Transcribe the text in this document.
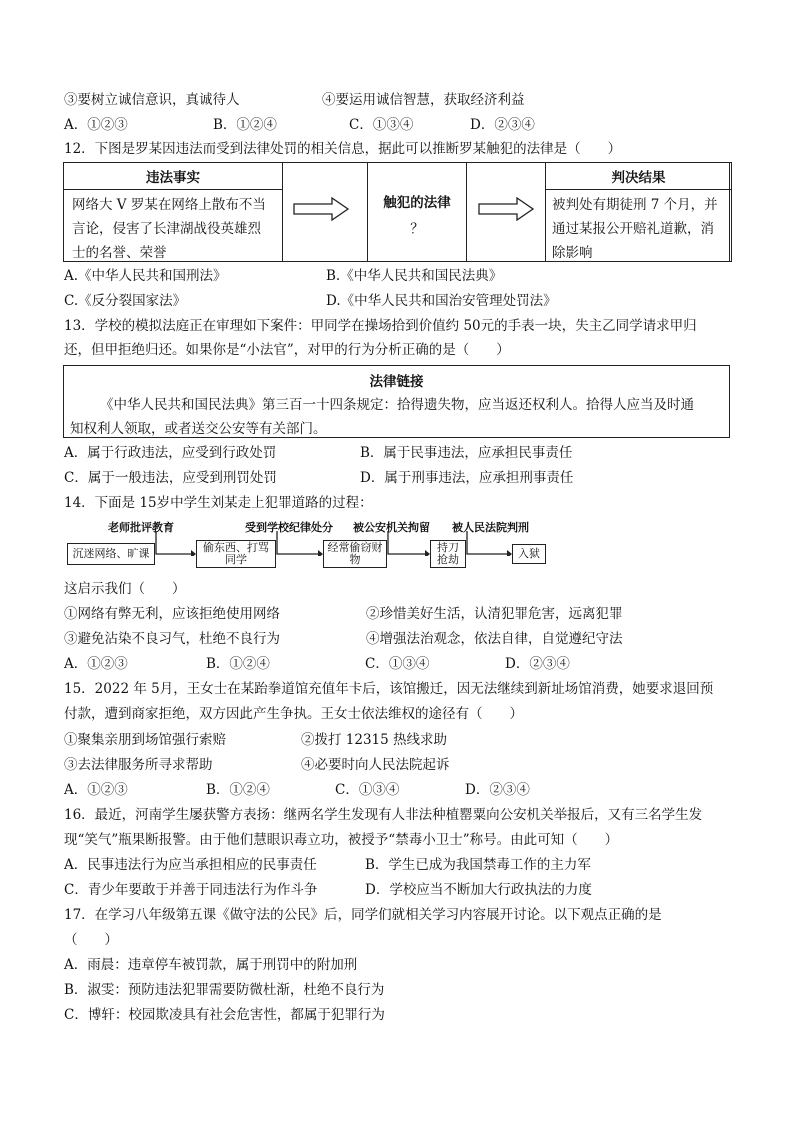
③要树立诚信意识，真诚待人	④要运用诚信智慧，获取经济利益
A．①②③	B．①②④	C．①③④	D．②③④
12．下图是罗某因违法而受到法律处罚的相关信息，据此可以推断罗某触犯的法律是（　　）
违法事实
网络大 V 罗某在网络上散布不当
言论，侵害了长津湖战役英雄烈
士的名誉、荣誉
触犯的法律
？
判决结果
被判处有期徒刑 7 个月，并
通过某报公开赔礼道歉，消
除影响
A.《中华人民共和国刑法》	B.《中华人民共和国民法典》
C.《反分裂国家法》	D.《中华人民共和国治安管理处罚法》
13．学校的模拟法庭正在审理如下案件：甲同学在操场拾到价值约 50元的手表一块，失主乙同学请求甲归
还，但甲拒绝归还。如果你是“小法官”，对甲的行为分析正确的是（　　）
法律链接
《中华人民共和国民法典》第三百一十四条规定：拾得遗失物，应当返还权利人。拾得人应当及时通
知权利人领取，或者送交公安等有关部门。
A．属于行政违法，应受到行政处罚	B．属于民事违法，应承担民事责任
C．属于一般违法，应受到刑罚处罚	D．属于刑事违法，应承担刑事责任
14．下面是 15岁中学生刘某走上犯罪道路的过程：
老师批评教育	受到学校纪律处分 被公安机关拘留 被人民法院判刑
沉迷网络、旷课	偷东西、打骂同学
经常偷窃财物
持刀抢劫	入狱
这启示我们（　　）
①网络有弊无利，应该拒绝使用网络	②珍惜美好生活，认清犯罪危害，远离犯罪
③避免沾染不良习气，杜绝不良行为	④增强法治观念，依法自律，自觉遵纪守法
A．①②③	B．①②④	C．①③④	D．②③④
15．2022 年 5月，王女士在某跆拳道馆充值年卡后，该馆搬迁，因无法继续到新址场馆消费，她要求退回预
付款，遭到商家拒绝，双方因此产生争执。王女士依法维权的途径有（　　）
①聚集亲朋到场馆强行索赔	②拨打 12315 热线求助
③去法律服务所寻求帮助	④必要时向人民法院起诉
A．①②③	B．①②④	C．①③④	D．②③④
16．最近，河南学生屡获警方表扬：继两名学生发现有人非法种植罂粟向公安机关举报后，又有三名学生发
现“笑气”瓶果断报警。由于他们慧眼识毒立功，被授予“禁毒小卫士”称号。由此可知（　　）
A．民事违法行为应当承担相应的民事责任	B．学生已成为我国禁毒工作的主力军
C．青少年要敢于并善于同违法行为作斗争	D．学校应当不断加大行政执法的力度
17．在学习八年级第五课《做守法的公民》后，同学们就相关学习内容展开讨论。以下观点正确的是
（　　）
A．雨晨：违章停车被罚款，属于刑罚中的附加刑
B．淑雯：预防违法犯罪需要防微杜渐，杜绝不良行为
C．博轩：校园欺凌具有社会危害性，都属于犯罪行为
